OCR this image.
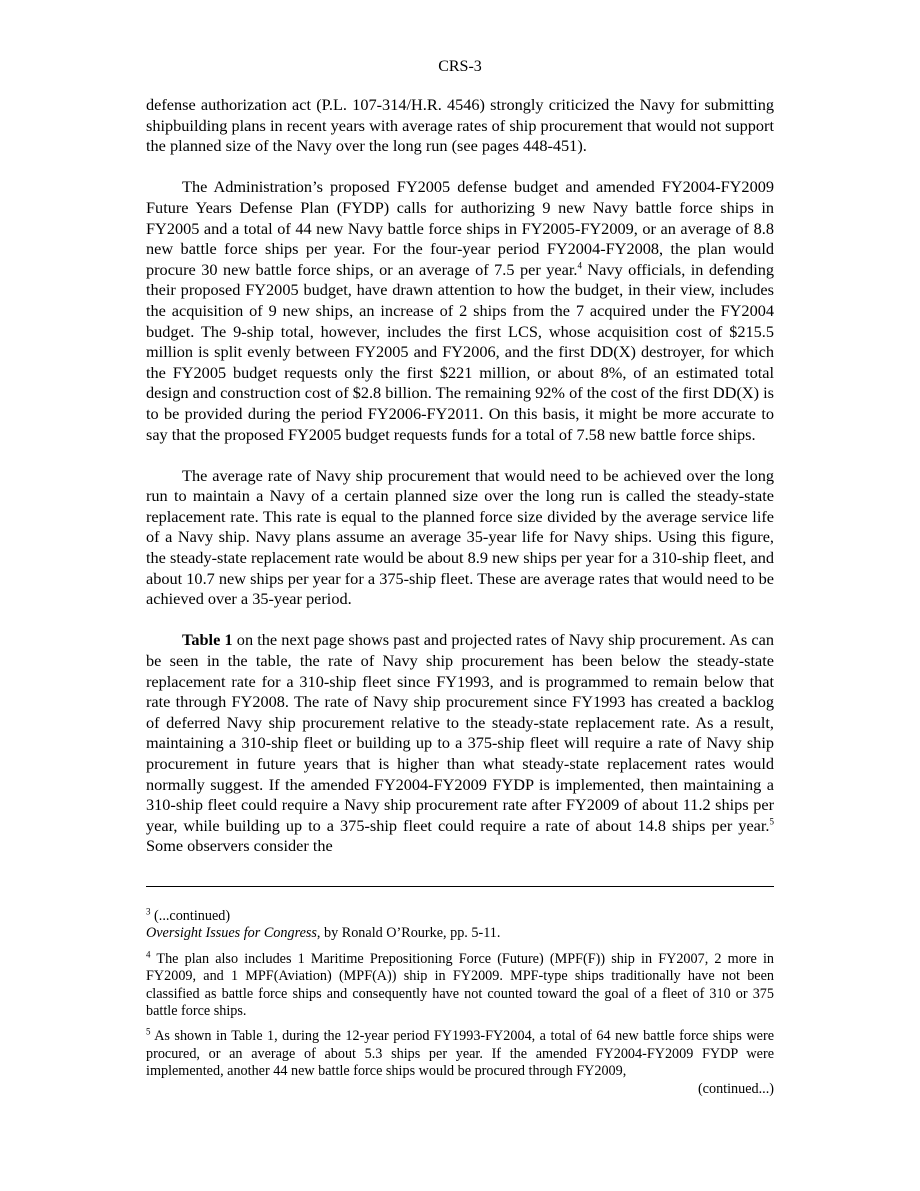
CRS-3

defense authorization act (P.L. 107-314/H.R. 4546) strongly criticized the Navy for submitting shipbuilding plans in recent years with average rates of ship procurement that would not support the planned size of the Navy over the long run (see pages 448-451).

The Administration’s proposed FY2005 defense budget and amended FY2004-FY2009 Future Years Defense Plan (FYDP) calls for authorizing 9 new Navy battle force ships in FY2005 and a total of 44 new Navy battle force ships in FY2005-FY2009, or an average of 8.8 new battle force ships per year. For the four-year period FY2004-FY2008, the plan would procure 30 new battle force ships, or an average of 7.5 per year.$^4$ Navy officials, in defending their proposed FY2005 budget, have drawn attention to how the budget, in their view, includes the acquisition of 9 new ships, an increase of 2 ships from the 7 acquired under the FY2004 budget. The 9-ship total, however, includes the first LCS, whose acquisition cost of $215.5 million is split evenly between FY2005 and FY2006, and the first DD(X) destroyer, for which the FY2005 budget requests only the first $221 million, or about 8%, of an estimated total design and construction cost of $2.8 billion. The remaining 92% of the cost of the first DD(X) is to be provided during the period FY2006-FY2011. On this basis, it might be more accurate to say that the proposed FY2005 budget requests funds for a total of 7.58 new battle force ships.

The average rate of Navy ship procurement that would need to be achieved over the long run to maintain a Navy of a certain planned size over the long run is called the steady-state replacement rate. This rate is equal to the planned force size divided by the average service life of a Navy ship. Navy plans assume an average 35-year life for Navy ships. Using this figure, the steady-state replacement rate would be about 8.9 new ships per year for a 310-ship fleet, and about 10.7 new ships per year for a 375-ship fleet. These are average rates that would need to be achieved over a 35-year period.

Table 1 on the next page shows past and projected rates of Navy ship procurement. As can be seen in the table, the rate of Navy ship procurement has been below the steady-state replacement rate for a 310-ship fleet since FY1993, and is programmed to remain below that rate through FY2008. The rate of Navy ship procurement since FY1993 has created a backlog of deferred Navy ship procurement relative to the steady-state replacement rate. As a result, maintaining a 310-ship fleet or building up to a 375-ship fleet will require a rate of Navy ship procurement in future years that is higher than what steady-state replacement rates would normally suggest. If the amended FY2004-FY2009 FYDP is implemented, then maintaining a 310-ship fleet could require a Navy ship procurement rate after FY2009 of about 11.2 ships per year, while building up to a 375-ship fleet could require a rate of about 14.8 ships per year.$^5$ Some observers consider the

$^3$ (...continued)
Oversight Issues for Congress, by Ronald O’Rourke, pp. 5-11.

$^4$ The plan also includes 1 Maritime Prepositioning Force (Future) (MPF(F)) ship in FY2007, 2 more in FY2009, and 1 MPF(Aviation) (MPF(A)) ship in FY2009. MPF-type ships traditionally have not been classified as battle force ships and consequently have not counted toward the goal of a fleet of 310 or 375 battle force ships.

$^5$ As shown in Table 1, during the 12-year period FY1993-FY2004, a total of 64 new battle force ships were procured, or an average of about 5.3 ships per year. If the amended FY2004-FY2009 FYDP were implemented, another 44 new battle force ships would be procured through FY2009,

(continued...)
